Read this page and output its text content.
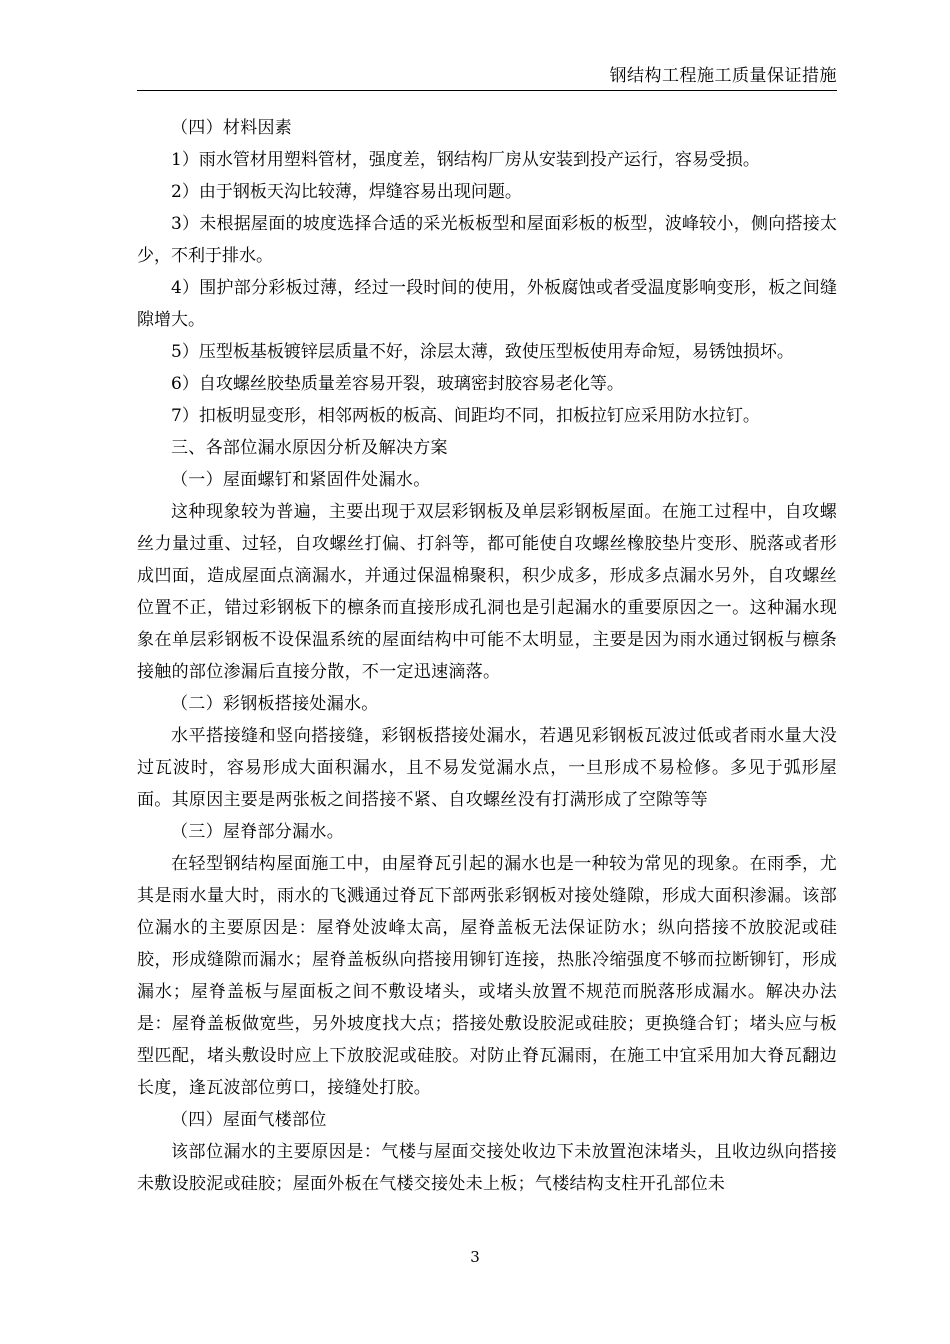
钢结构工程施工质量保证措施

（四）材料因素

1）雨水管材用塑料管材，强度差，钢结构厂房从安装到投产运行，容易受损。

2）由于钢板天沟比较薄，焊缝容易出现问题。

3）未根据屋面的坡度选择合适的采光板板型和屋面彩板的板型，波峰较小，侧向搭接太少，不利于排水。

4）围护部分彩板过薄，经过一段时间的使用，外板腐蚀或者受温度影响变形，板之间缝隙增大。

5）压型板基板镀锌层质量不好，涂层太薄，致使压型板使用寿命短，易锈蚀损坏。

6）自攻螺丝胶垫质量差容易开裂，玻璃密封胶容易老化等。

7）扣板明显变形，相邻两板的板高、间距均不同，扣板拉钉应采用防水拉钉。

三、各部位漏水原因分析及解决方案

（一）屋面螺钉和紧固件处漏水。

这种现象较为普遍，主要出现于双层彩钢板及单层彩钢板屋面。在施工过程中，自攻螺丝力量过重、过轻，自攻螺丝打偏、打斜等，都可能使自攻螺丝橡胶垫片变形、脱落或者形成凹面，造成屋面点滴漏水，并通过保温棉聚积，积少成多，形成多点漏水另外，自攻螺丝位置不正，错过彩钢板下的檩条而直接形成孔洞也是引起漏水的重要原因之一。这种漏水现象在单层彩钢板不设保温系统的屋面结构中可能不太明显，主要是因为雨水通过钢板与檩条接触的部位渗漏后直接分散，不一定迅速滴落。

（二）彩钢板搭接处漏水。

水平搭接缝和竖向搭接缝，彩钢板搭接处漏水，若遇见彩钢板瓦波过低或者雨水量大没过瓦波时，容易形成大面积漏水，且不易发觉漏水点，一旦形成不易检修。多见于弧形屋面。其原因主要是两张板之间搭接不紧、自攻螺丝没有打满形成了空隙等等

（三）屋脊部分漏水。

在轻型钢结构屋面施工中，由屋脊瓦引起的漏水也是一种较为常见的现象。在雨季，尤其是雨水量大时，雨水的飞溅通过脊瓦下部两张彩钢板对接处缝隙，形成大面积渗漏。该部位漏水的主要原因是：屋脊处波峰太高，屋脊盖板无法保证防水；纵向搭接不放胶泥或硅胶，形成缝隙而漏水；屋脊盖板纵向搭接用铆钉连接，热胀冷缩强度不够而拉断铆钉，形成漏水；屋脊盖板与屋面板之间不敷设堵头，或堵头放置不规范而脱落形成漏水。解决办法是：屋脊盖板做宽些，另外坡度找大点；搭接处敷设胶泥或硅胶；更换缝合钉；堵头应与板型匹配，堵头敷设时应上下放胶泥或硅胶。对防止脊瓦漏雨，在施工中宜采用加大脊瓦翻边长度，逢瓦波部位剪口，接缝处打胶。

（四）屋面气楼部位

该部位漏水的主要原因是：气楼与屋面交接处收边下未放置泡沫堵头，且收边纵向搭接未敷设胶泥或硅胶；屋面外板在气楼交接处未上板；气楼结构支柱开孔部位未

3
